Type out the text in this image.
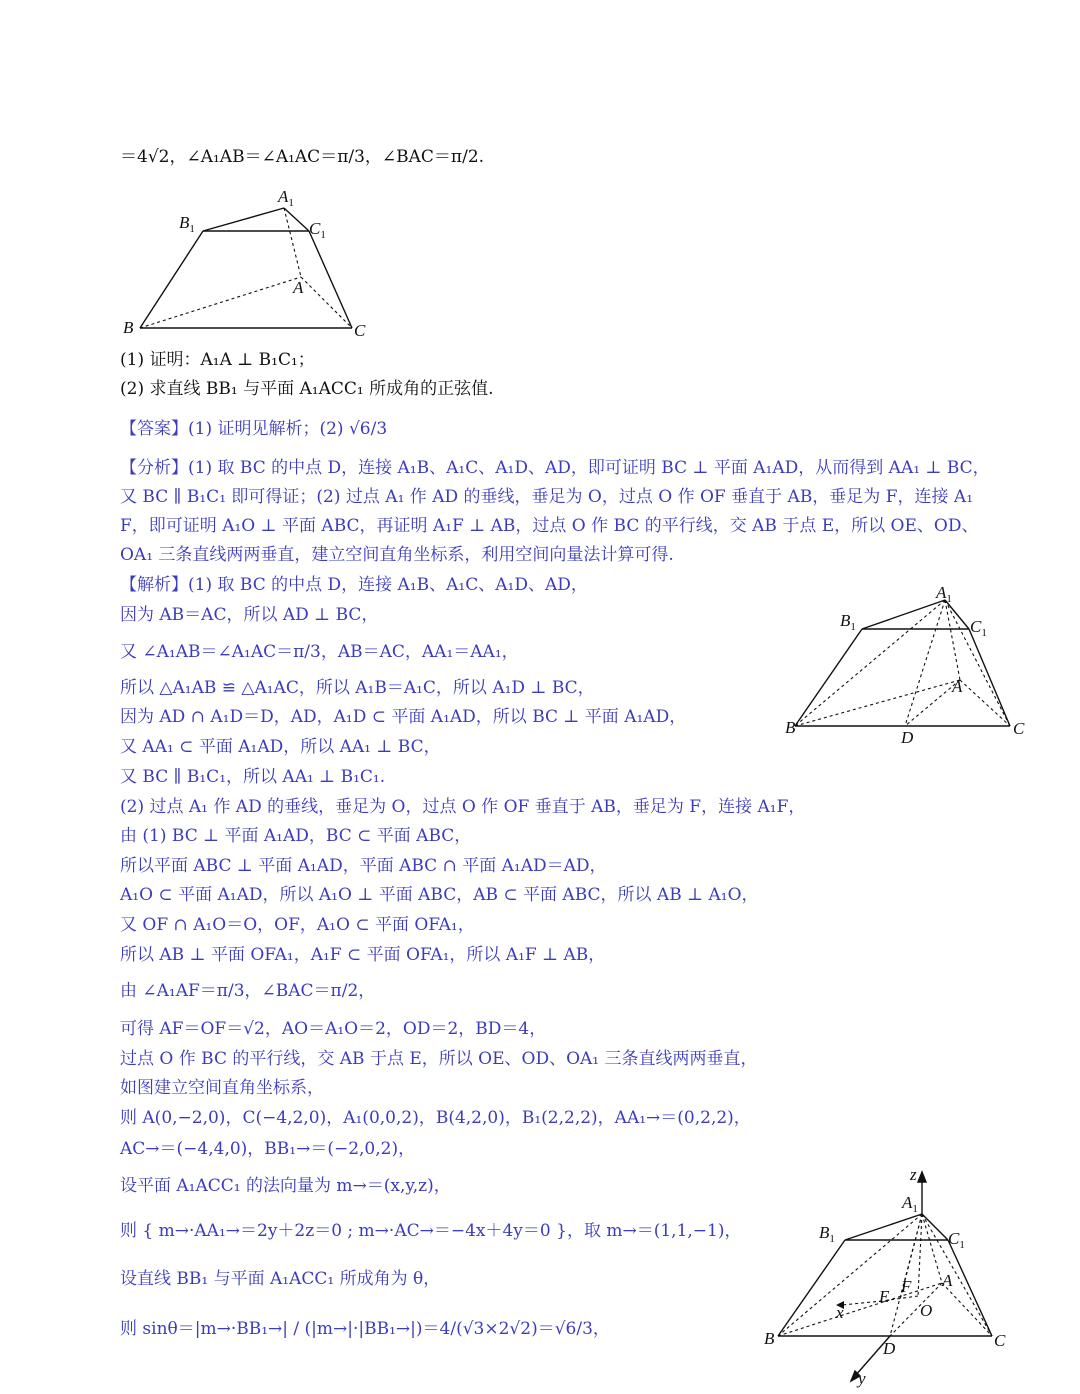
＝4√2，∠A₁AB＝∠A₁AC＝π/3，∠BAC＝π/2.
$A_1$
$B_1$	$C_1$
A
B	C
(1) 证明：A₁A ⊥ B₁C₁；
(2) 求直线 BB₁ 与平面 A₁ACC₁ 所成角的正弦值.
【答案】(1) 证明见解析；(2) √6/3
【分析】(1) 取 BC 的中点 D，连接 A₁B、A₁C、A₁D、AD，即可证明 BC ⊥ 平面 A₁AD，从而得到 AA₁ ⊥ BC，
又 BC ∥ B₁C₁ 即可得证；(2) 过点 A₁ 作 AD 的垂线，垂足为 O，过点 O 作 OF 垂直于 AB，垂足为 F，连接 A₁
F，即可证明 A₁O ⊥ 平面 ABC，再证明 A₁F ⊥ AB，过点 O 作 BC 的平行线，交 AB 于点 E，所以 OE、OD、
OA₁ 三条直线两两垂直，建立空间直角坐标系，利用空间向量法计算可得.
【解析】(1) 取 BC 的中点 D，连接 A₁B、A₁C、A₁D、AD，
因为 AB＝AC，所以 AD ⊥ BC，
又 ∠A₁AB＝∠A₁AC＝π/3，AB＝AC，AA₁＝AA₁，
所以 △A₁AB ≌ △A₁AC，所以 A₁B＝A₁C，所以 A₁D ⊥ BC，
因为 AD ∩ A₁D＝D，AD，A₁D ⊂ 平面 A₁AD，所以 BC ⊥ 平面 A₁AD，
又 AA₁ ⊂ 平面 A₁AD，所以 AA₁ ⊥ BC，
又 BC ∥ B₁C₁，所以 AA₁ ⊥ B₁C₁.
(2) 过点 A₁ 作 AD 的垂线，垂足为 O，过点 O 作 OF 垂直于 AB，垂足为 F，连接 A₁F，
由 (1) BC ⊥ 平面 A₁AD，BC ⊂ 平面 ABC，
所以平面 ABC ⊥ 平面 A₁AD，平面 ABC ∩ 平面 A₁AD＝AD，
A₁O ⊂ 平面 A₁AD，所以 A₁O ⊥ 平面 ABC，AB ⊂ 平面 ABC，所以 AB ⊥ A₁O，
又 OF ∩ A₁O＝O，OF，A₁O ⊂ 平面 OFA₁，
所以 AB ⊥ 平面 OFA₁，A₁F ⊂ 平面 OFA₁，所以 A₁F ⊥ AB，
由 ∠A₁AF＝π/3，∠BAC＝π/2，
可得 AF＝OF＝√2，AO＝A₁O＝2，OD＝2，BD＝4，
过点 O 作 BC 的平行线，交 AB 于点 E，所以 OE、OD、OA₁ 三条直线两两垂直，
如图建立空间直角坐标系，
则 A(0,−2,0)，C(−4,2,0)，A₁(0,0,2)，B(4,2,0)，B₁(2,2,2)，AA₁→＝(0,2,2)，
AC→＝(−4,4,0)，BB₁→＝(−2,0,2)，
设平面 A₁ACC₁ 的法向量为 m→＝(x,y,z)，
则 { m→·AA₁→＝2y＋2z＝0 ; m→·AC→＝−4x＋4y＝0 }，取 m→＝(1,1,−1)，
设直线 BB₁ 与平面 A₁ACC₁ 所成角为 θ，
则 sinθ＝|m→·BB₁→| / (|m→|·|BB₁→|)＝4/(√3×2√2)＝√6/3，
$A_1$
$B_1$	$C_1$
A
B	C
D
z
$A_1$
$B_1$	$C_1$
A
F
E
O
x
B	C
D
y
